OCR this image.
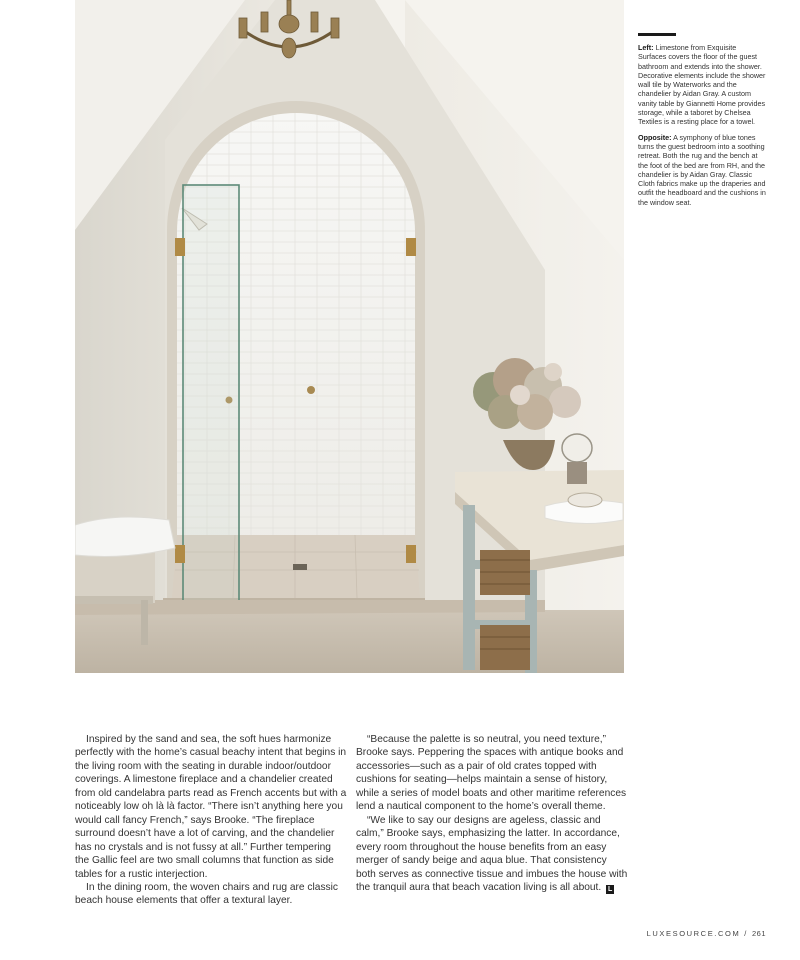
Left: Limestone from Exquisite Surfaces covers the floor of the guest bathroom and extends into the shower. Decorative elements include the shower wall tile by Waterworks and the chandelier by Aidan Gray. A custom vanity table by Giannetti Home provides storage, while a taboret by Chelsea Textiles is a resting place for a towel.

Opposite: A symphony of blue tones turns the guest bedroom into a soothing retreat. Both the rug and the bench at the foot of the bed are from RH, and the chandelier is by Aidan Gray. Classic Cloth fabrics make up the draperies and outfit the headboard and the cushions in the window seat.

Inspired by the sand and sea, the soft hues harmonize perfectly with the home’s casual beachy intent that begins in the living room with the seating in durable indoor/outdoor coverings. A limestone fireplace and a chandelier created from old candelabra parts read as French accents but with a noticeably low oh là là factor. “There isn’t anything here you would call fancy French,” says Brooke. “The fireplace surround doesn’t have a lot of carving, and the chandelier has no crystals and is not fussy at all.” Further tempering the Gallic feel are two small columns that function as side tables for a rustic interjection.

In the dining room, the woven chairs and rug are classic beach house elements that offer a textural layer.

“Because the palette is so neutral, you need texture,” Brooke says. Peppering the spaces with antique books and accessories—such as a pair of old crates topped with cushions for seating—helps maintain a sense of history, while a series of model boats and other maritime references lend a nautical component to the home’s overall theme.

“We like to say our designs are ageless, classic and calm,” Brooke says, emphasizing the latter. In accordance, every room throughout the house benefits from an easy merger of sandy beige and aqua blue. That consistency both serves as connective tissue and imbues the house with the tranquil aura that beach vacation living is all about. L

LUXESOURCE.COM / 261
